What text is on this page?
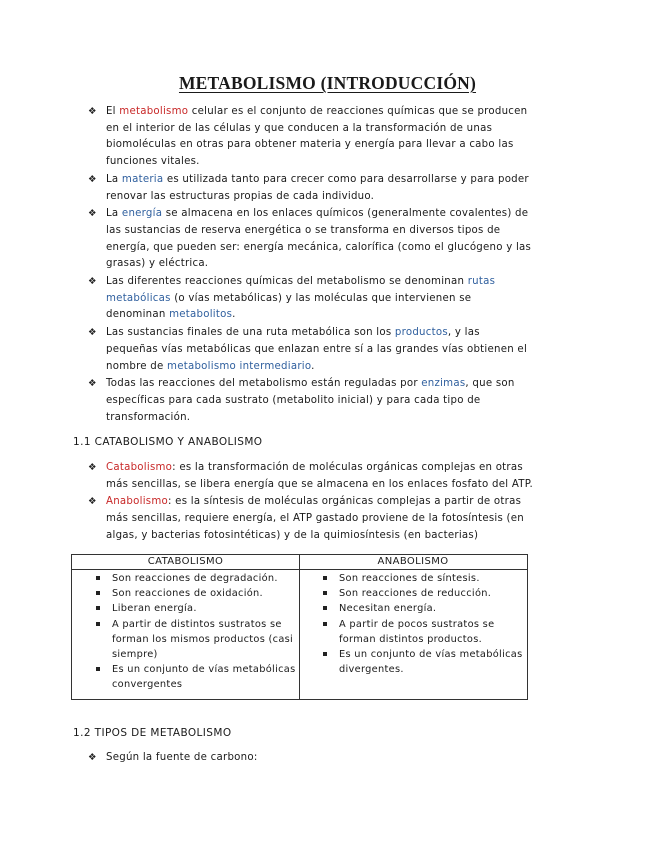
METABOLISMO (INTRODUCCIÓN)
❖ El metabolismo celular es el conjunto de reacciones químicas que se producen en el interior de las células y que conducen a la transformación de unas biomoléculas en otras para obtener materia y energía para llevar a cabo las funciones vitales.
❖ La materia es utilizada tanto para crecer como para desarrollarse y para poder renovar las estructuras propias de cada individuo.
❖ La energía se almacena en los enlaces químicos (generalmente covalentes) de las sustancias de reserva energética o se transforma en diversos tipos de energía, que pueden ser: energía mecánica, calorífica (como el glucógeno y las grasas) y eléctrica.
❖ Las diferentes reacciones químicas del metabolismo se denominan rutas metabólicas (o vías metabólicas) y las moléculas que intervienen se denominan metabolitos.
❖ Las sustancias finales de una ruta metabólica son los productos, y las pequeñas vías metabólicas que enlazan entre sí a las grandes vías obtienen el nombre de metabolismo intermediario.
❖ Todas las reacciones del metabolismo están reguladas por enzimas, que son específicas para cada sustrato (metabolito inicial) y para cada tipo de transformación.
1.1 CATABOLISMO Y ANABOLISMO
❖ Catabolismo: es la transformación de moléculas orgánicas complejas en otras más sencillas, se libera energía que se almacena en los enlaces fosfato del ATP.
❖ Anabolismo: es la síntesis de moléculas orgánicas complejas a partir de otras más sencillas, requiere energía, el ATP gastado proviene de la fotosíntesis (en algas, y bacterias fotosintéticas) y de la quimiosíntesis (en bacterias)
CATABOLISMO	ANABOLISMO
Son reacciones de degradación.
Son reacciones de oxidación.
Liberan energía.
A partir de distintos sustratos se forman los mismos productos (casi siempre)
Es un conjunto de vías metabólicas convergentes
Son reacciones de síntesis.
Son reacciones de reducción.
Necesitan energía.
A partir de pocos sustratos se forman distintos productos.
Es un conjunto de vías metabólicas divergentes.
1.2 TIPOS DE METABOLISMO
❖ Según la fuente de carbono:
